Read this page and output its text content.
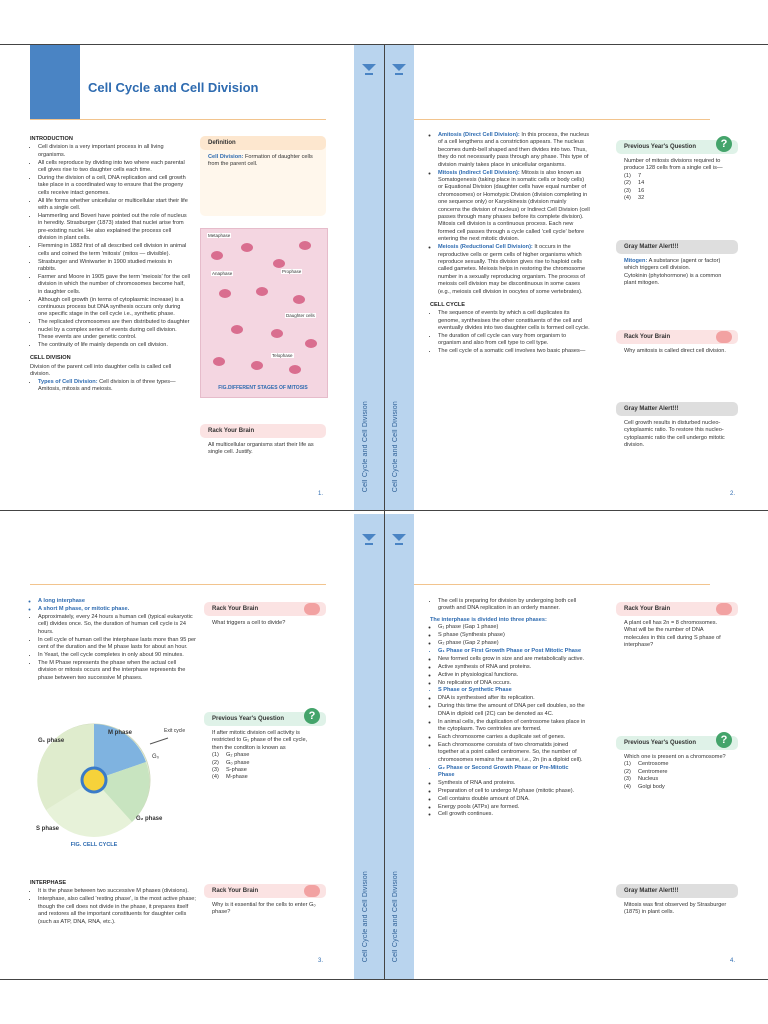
Cell Cycle and Cell Division
INTRODUCTION
• Cell division is a very important process in all living organisms.
• All cells reproduce by dividing into two where each parental cell gives rise to two daughter cells each time.
• During the division of a cell, DNA replication and cell growth take place in a coordinated way to ensure that the progeny cells receive intact genomes.
• All life forms whether unicellular or multicellular start their life with a single cell.
• Hammerling and Boveri have pointed out the role of nucleus in heredity. Strasburger (1873) stated that nuclei arise from pre-existing nuclei. He also explained the process cell division in plant cells.
• Flemming in 1882 first of all described cell division in animal cells and coined the term 'mitosis' (mitos — divisible).
• Strasburger and Winiwarter in 1900 studied meiosis in rabbits.
• Farmer and Moore in 1905 gave the term 'meiosis' for the cell division in which the number of chromosomes become half, in daughter cells.
• Although cell growth (in terms of cytoplasmic increase) is a continuous process but DNA synthesis occurs only during one specific stage in the cell cycle i.e., synthetic phase.
• The replicated chromosomes are then distributed to daughter nuclei by a complex series of events during cell division. These events are under genetic control.
• The continuity of life mainly depends on cell division.
CELL DIVISION
Division of the parent cell into daughter cells is called cell division.
• Types of Cell Division: Cell division is of three types— Amitosis, mitosis and meiosis.
Definition
Cell Division: Formation of daughter cells from the parent cell.
Metaphase
Prophase
Anaphase
Daughter cells
Telophase
FIG.DIFFERENT STAGES OF MITOSIS
Rack Your Brain
All multicellular organisms start their life as single cell. Justify.
1.
Cell Cycle and Cell Division
◦ Amitosis (Direct Cell Division): In this process, the nucleus of a cell lengthens and a constriction appears. The nucleus becomes dumb-bell shaped and then divides into two. Thus, they do not necessarily pass through any phase. This type of division mainly takes place in unicellular organisms.
◦ Mitosis (Indirect Cell Division): Mitosis is also known as Somatogenesis (taking place in somatic cells or body cells) or Equational Division (daughter cells have equal number of chromosomes) or Homotypic Division (division completing in one sequence only) or Karyokinesis (division mainly concerns the division of nucleus) or Indirect Cell Division (cell passes through many phases before its complete division). Mitosis cell division is a continuous process. Each new formed cell passes through a cycle called 'cell cycle' before entering the next mitotic division.
◦ Meiosis (Reductional Cell Division): It occurs in the reproductive cells or germ cells of higher organisms which reproduce sexually. This division gives rise to haploid cells called gametes. Meiosis helps in restoring the chromosome number in a sexually reproducing organism. The process of meiosis cell division may be discontinuous in some cases (e.g., meiosis cell division in oocytes of some vertebrates).
CELL CYCLE
• The sequence of events by which a cell duplicates its genome, synthesises the other constituents of the cell and eventually divides into two daughter cells is formed cell cycle.
• The duration of cell cycle can vary from organism to organism and also from cell type to cell type.
• The cell cycle of a somatic cell involves two basic phases—
Previous Year's Question	?
Number of mitosis divisions required to produce 128 cells from a single cell is—
(1) 7
(2) 14
(3) 16
(4) 32
Gray Matter Alert!!!
Mitogen: A substance (agent or factor) which triggers cell division.
Cytokinin (phytohormone) is a common plant mitogen.
Rack Your Brain
Why amitosis is called direct cell division.
Gray Matter Alert!!!
Cell growth results in disturbed nucleo-cytoplasmic ratio. To restore this nucleo-cytoplasmic ratio the cell undergo mitotic division.
2.
Cell Cycle and Cell Division
◦ A long interphase
◦ A short M phase, or mitotic phase.
• Approximately, every 24 hours a human cell (typical eukaryotic cell) divides once. So, the duration of human cell cycle is 24 hours.
• In cell cycle of human cell the interphase lasts more than 95 per cent of the duration and the M phase lasts for about an hour.
• In Yeast, the cell cycle completes in only about 90 minutes.
• The M Phase represents the phase when the actual cell division or mitosis occurs and the interphase represents the phase between two successive M phases.
G₁ phase
M phase
G₂ phase
S phase
Exit cycle
G₀
FIG. CELL CYCLE
INTERPHASE
• It is the phase between two successive M phases (divisions).
• Interphase, also called 'resting phase', is the most active phase; though the cell does not divide in the phase, it prepares itself and restores all the important constituents for daughter cells (such as ATP, DNA, RNA, etc.).
Rack Your Brain
What triggers a cell to divide?
Previous Year's Question	?
If after mitotic division cell activity is restricted to G₁ phase of the cell cycle, then the conditon is known as
(1) G₂ phase
(2) G₀ phase
(3) S-phase
(4) M-phase
Rack Your Brain
Why is it essential for the cells to enter G₀ phase?
3.	Cell Cycle and Cell Division
• The cell is preparing for division by undergoing both cell growth and DNA replication in an orderly manner.
The interphase is divided into three phases:
◦ G₁ phase (Gap 1 phase)
◦ S phase (Synthesis phase)
◦ G₂ phase (Gap 2 phase)
• G₁ Phase or First Growth Phase or Post Mitotic Phase
◦ New formed cells grow in size and are metabolically active.
◦ Active synthesis of RNA and proteins.
◦ Active in physiological functions.
◦ No replication of DNA occurs.
• S Phase or Synthetic Phase
◦ DNA is synthesised after its replication.
◦ During this time the amount of DNA per cell doubles, so the DNA in diploid cell (2C) can be denoted as 4C.
◦ In animal cells, the duplication of centrosome takes place in the cytoplasm. Two centrioles are formed.
◦ Each chromosome carries a duplicate set of genes.
◦ Each chromosome consists of two chromatids joined together at a point called centromere. So, the number of chromosomes remains the same, i.e., 2n (in a diploid cell).
• G₂ Phase or Second Growth Phase or Pre-Mitotic Phase
◦ Synthesis of RNA and proteins.
◦ Preparation of cell to undergo M phase (mitotic phase).
◦ Cell contains double amount of DNA.
◦ Energy pools (ATPs) are formed.
◦ Cell growth continues.
Rack Your Brain
A plant cell has 2n = 8 chromosomes. What will be the number of DNA molecules in this cell during S phase of interphase?
Previous Year's Question	?
Which one is present on a chromosome?
(1) Centrosome
(2) Centromere
(3) Nucleus
(4) Golgi body
Gray Matter Alert!!!
Mitosis was first observed by Strasburger (1875) in plant cells.
4.
Cell Cycle and Cell Division
